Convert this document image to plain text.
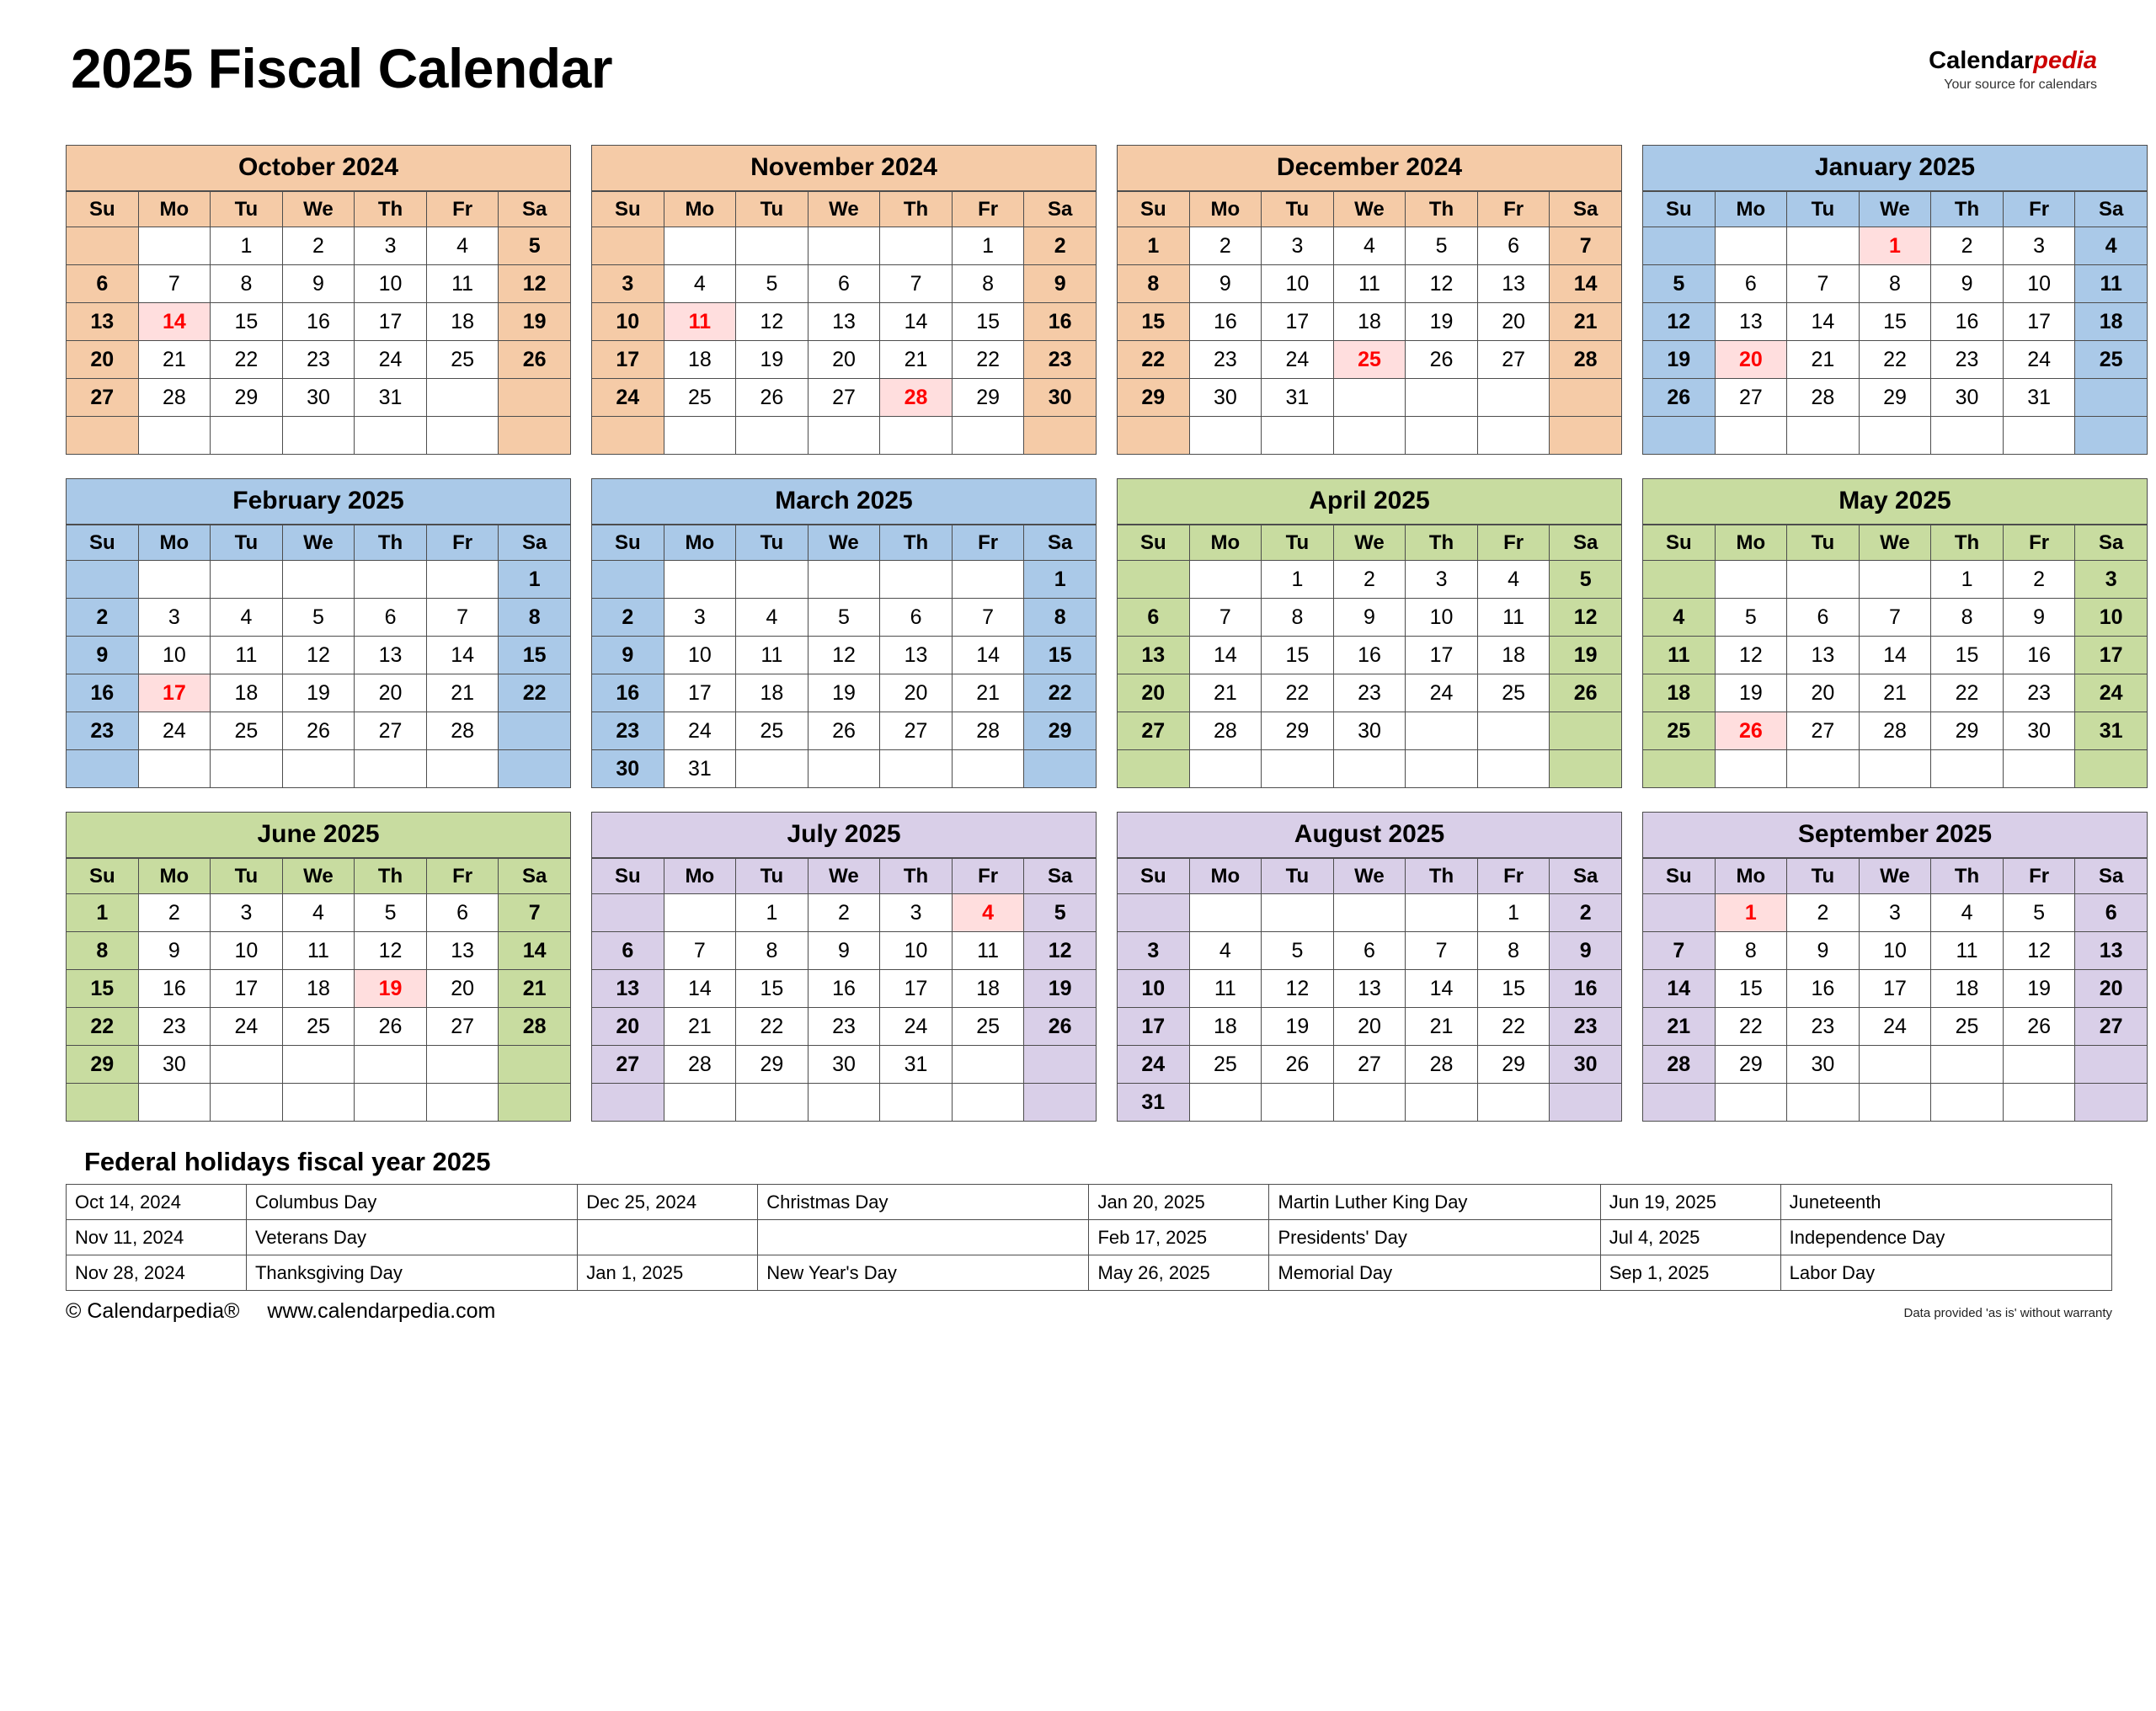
2025 Fiscal Calendar	Calendarpedia
Your source for calendars
October 2024
Su	Mo	Tu	We	Th	Fr	Sa
		1	2	3	4	5
6	7	8	9	10	11	12
13	14	15	16	17	18	19
20	21	22	23	24	25	26
27	28	29	30	31		

November 2024
Su	Mo	Tu	We	Th	Fr	Sa
					1	2
3	4	5	6	7	8	9
10	11	12	13	14	15	16
17	18	19	20	21	22	23
24	25	26	27	28	29	30

December 2024
Su	Mo	Tu	We	Th	Fr	Sa
1	2	3	4	5	6	7
8	9	10	11	12	13	14
15	16	17	18	19	20	21
22	23	24	25	26	27	28
29	30	31				

January 2025
Su	Mo	Tu	We	Th	Fr	Sa
			1	2	3	4
5	6	7	8	9	10	11
12	13	14	15	16	17	18
19	20	21	22	23	24	25
26	27	28	29	30	31	

February 2025
Su	Mo	Tu	We	Th	Fr	Sa
						1
2	3	4	5	6	7	8
9	10	11	12	13	14	15
16	17	18	19	20	21	22
23	24	25	26	27	28	

March 2025
Su	Mo	Tu	We	Th	Fr	Sa
						1
2	3	4	5	6	7	8
9	10	11	12	13	14	15
16	17	18	19	20	21	22
23	24	25	26	27	28	29
30	31					
April 2025
Su	Mo	Tu	We	Th	Fr	Sa
		1	2	3	4	5
6	7	8	9	10	11	12
13	14	15	16	17	18	19
20	21	22	23	24	25	26
27	28	29	30			

May 2025
Su	Mo	Tu	We	Th	Fr	Sa
				1	2	3
4	5	6	7	8	9	10
11	12	13	14	15	16	17
18	19	20	21	22	23	24
25	26	27	28	29	30	31

June 2025
Su	Mo	Tu	We	Th	Fr	Sa
1	2	3	4	5	6	7
8	9	10	11	12	13	14
15	16	17	18	19	20	21
22	23	24	25	26	27	28
29	30					

July 2025
Su	Mo	Tu	We	Th	Fr	Sa
		1	2	3	4	5
6	7	8	9	10	11	12
13	14	15	16	17	18	19
20	21	22	23	24	25	26
27	28	29	30	31		

August 2025
Su	Mo	Tu	We	Th	Fr	Sa
					1	2
3	4	5	6	7	8	9
10	11	12	13	14	15	16
17	18	19	20	21	22	23
24	25	26	27	28	29	30
31						
September 2025
Su	Mo	Tu	We	Th	Fr	Sa
	1	2	3	4	5	6
7	8	9	10	11	12	13
14	15	16	17	18	19	20
21	22	23	24	25	26	27
28	29	30				

Federal holidays fiscal year 2025
Oct 14, 2024	Columbus Day	Dec 25, 2024	Christmas Day	Jan 20, 2025	Martin Luther King Day	Jun 19, 2025	Juneteenth
Nov 11, 2024	Veterans Day			Feb 17, 2025	Presidents' Day	Jul 4, 2025	Independence Day
Nov 28, 2024	Thanksgiving Day	Jan 1, 2025	New Year's Day	May 26, 2025	Memorial Day	Sep 1, 2025	Labor Day
© Calendarpedia® www.calendarpedia.com	Data provided 'as is' without warranty
